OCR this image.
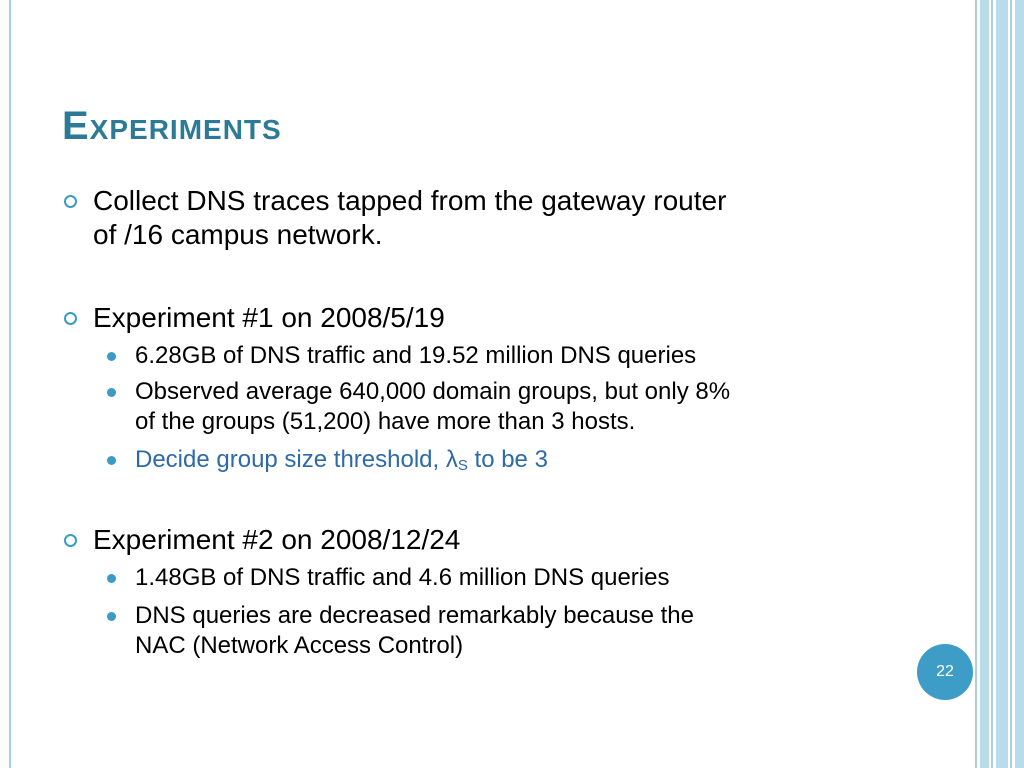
Experiments
Collect DNS traces tapped from the gateway router
of /16 campus network.
Experiment #1 on 2008/5/19
6.28GB of DNS traffic and 19.52 million DNS queries
Observed average 640,000 domain groups, but only 8%
of the groups (51,200) have more than 3 hosts.
Decide group size threshold, $\lambda_S$ to be 3
Experiment #2 on 2008/12/24
1.48GB of DNS traffic and 4.6 million DNS queries
DNS queries are decreased remarkably because the
NAC (Network Access Control)
22
